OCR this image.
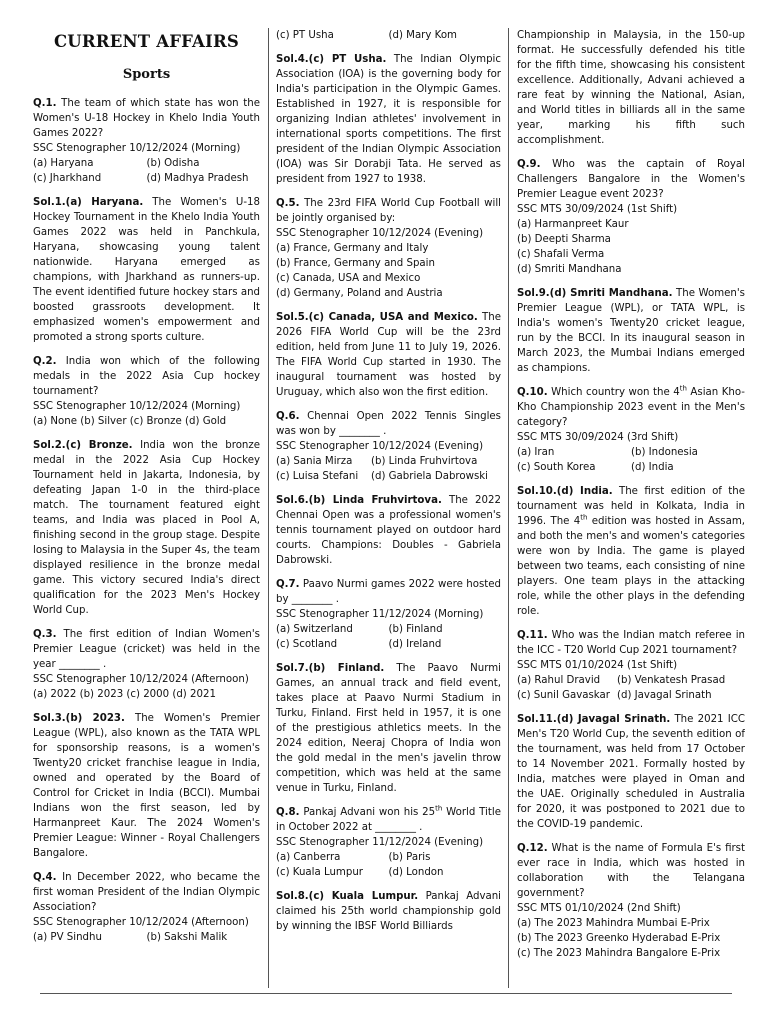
CURRENT AFFAIRS
Sports

Q.1. The team of which state has won the Women's U-18 Hockey in Khelo India Youth Games 2022?

SSC Stenographer 10/12/2024 (Morning)

(a) Haryana	(b) Odisha
(c) Jharkhand	(d) Madhya Pradesh

Sol.1.(a) Haryana. The Women's U-18 Hockey Tournament in the Khelo India Youth Games 2022 was held in Panchkula, Haryana, showcasing young talent nationwide. Haryana emerged as champions, with Jharkhand as runners-up. The event identified future hockey stars and boosted grassroots development. It emphasized women's empowerment and promoted a strong sports culture.

Q.2. India won which of the following medals in the 2022 Asia Cup hockey tournament?

SSC Stenographer 10/12/2024 (Morning)

(a) None (b) Silver (c) Bronze (d) Gold

Sol.2.(c) Bronze. India won the bronze medal in the 2022 Asia Cup Hockey Tournament held in Jakarta, Indonesia, by defeating Japan 1-0 in the third-place match. The tournament featured eight teams, and India was placed in Pool A, finishing second in the group stage. Despite losing to Malaysia in the Super 4s, the team displayed resilience in the bronze medal game. This victory secured India's direct qualification for the 2023 Men's Hockey World Cup.

Q.3. The first edition of Indian Women's Premier League (cricket) was held in the year ________ .

SSC Stenographer 10/12/2024 (Afternoon)

(a) 2022 (b) 2023 (c) 2000 (d) 2021

Sol.3.(b) 2023. The Women's Premier League (WPL), also known as the TATA WPL for sponsorship reasons, is a women's Twenty20 cricket franchise league in India, owned and operated by the Board of Control for Cricket in India (BCCI). Mumbai Indians won the first season, led by Harmanpreet Kaur. The 2024 Women's Premier League: Winner - Royal Challengers Bangalore.

Q.4. In December 2022, who became the first woman President of the Indian Olympic Association?

SSC Stenographer 10/12/2024 (Afternoon)

(a) PV Sindhu	(b) Sakshi Malik
(c) PT Usha	(d) Mary Kom

Sol.4.(c) PT Usha. The Indian Olympic Association (IOA) is the governing body for India's participation in the Olympic Games. Established in 1927, it is responsible for organizing Indian athletes' involvement in international sports competitions. The first president of the Indian Olympic Association (IOA) was Sir Dorabji Tata. He served as president from 1927 to 1938.

Q.5. The 23rd FIFA World Cup Football will be jointly organised by:

SSC Stenographer 10/12/2024 (Evening)

(a) France, Germany and Italy
(b) France, Germany and Spain
(c) Canada, USA and Mexico
(d) Germany, Poland and Austria

Sol.5.(c) Canada, USA and Mexico. The 2026 FIFA World Cup will be the 23rd edition, held from June 11 to July 19, 2026. The FIFA World Cup started in 1930. The inaugural tournament was hosted by Uruguay, which also won the first edition.

Q.6. Chennai Open 2022 Tennis Singles was won by ________ .

SSC Stenographer 10/12/2024 (Evening)

(a) Sania Mirza	(b) Linda Fruhvirtova
(c) Luisa Stefani	(d) Gabriela Dabrowski

Sol.6.(b) Linda Fruhvirtova. The 2022 Chennai Open was a professional women's tennis tournament played on outdoor hard courts. Champions: Doubles - Gabriela Dabrowski.

Q.7. Paavo Nurmi games 2022 were hosted by ________ .

SSC Stenographer 11/12/2024 (Morning)

(a) Switzerland	(b) Finland
(c) Scotland	(d) Ireland

Sol.7.(b) Finland. The Paavo Nurmi Games, an annual track and field event, takes place at Paavo Nurmi Stadium in Turku, Finland. First held in 1957, it is one of the prestigious athletics meets. In the 2024 edition, Neeraj Chopra of India won the gold medal in the men's javelin throw competition, which was held at the same venue in Turku, Finland.

Q.8. Pankaj Advani won his 25th World Title in October 2022 at ________ .

SSC Stenographer 11/12/2024 (Evening)

(a) Canberra	(b) Paris
(c) Kuala Lumpur	(d) London

Sol.8.(c) Kuala Lumpur. Pankaj Advani claimed his 25th world championship gold by winning the IBSF World Billiards

Championship in Malaysia, in the 150-up format. He successfully defended his title for the fifth time, showcasing his consistent excellence. Additionally, Advani achieved a rare feat by winning the National, Asian, and World titles in billiards all in the same year, marking his fifth such accomplishment.

Q.9. Who was the captain of Royal Challengers Bangalore in the Women's Premier League event 2023?

SSC MTS 30/09/2024 (1st Shift)

(a) Harmanpreet Kaur
(b) Deepti Sharma
(c) Shafali Verma
(d) Smriti Mandhana

Sol.9.(d) Smriti Mandhana. The Women's Premier League (WPL), or TATA WPL, is India's women's Twenty20 cricket league, run by the BCCI. In its inaugural season in March 2023, the Mumbai Indians emerged as champions.

Q.10. Which country won the 4th Asian Kho-Kho Championship 2023 event in the Men's category?

SSC MTS 30/09/2024 (3rd Shift)

(a) Iran	(b) Indonesia
(c) South Korea	(d) India

Sol.10.(d) India. The first edition of the tournament was held in Kolkata, India in 1996. The 4th edition was hosted in Assam, and both the men's and women's categories were won by India. The game is played between two teams, each consisting of nine players. One team plays in the attacking role, while the other plays in the defending role.

Q.11. Who was the Indian match referee in the ICC - T20 World Cup 2021 tournament?

SSC MTS 01/10/2024 (1st Shift)

(a) Rahul Dravid	(b) Venkatesh Prasad
(c) Sunil Gavaskar (d) Javagal Srinath

Sol.11.(d) Javagal Srinath. The 2021 ICC Men's T20 World Cup, the seventh edition of the tournament, was held from 17 October to 14 November 2021. Formally hosted by India, matches were played in Oman and the UAE. Originally scheduled in Australia for 2020, it was postponed to 2021 due to the COVID-19 pandemic.

Q.12. What is the name of Formula E's first ever race in India, which was hosted in collaboration with the Telangana government?

SSC MTS 01/10/2024 (2nd Shift)

(a) The 2023 Mahindra Mumbai E-Prix
(b) The 2023 Greenko Hyderabad E-Prix
(c) The 2023 Mahindra Bangalore E-Prix
